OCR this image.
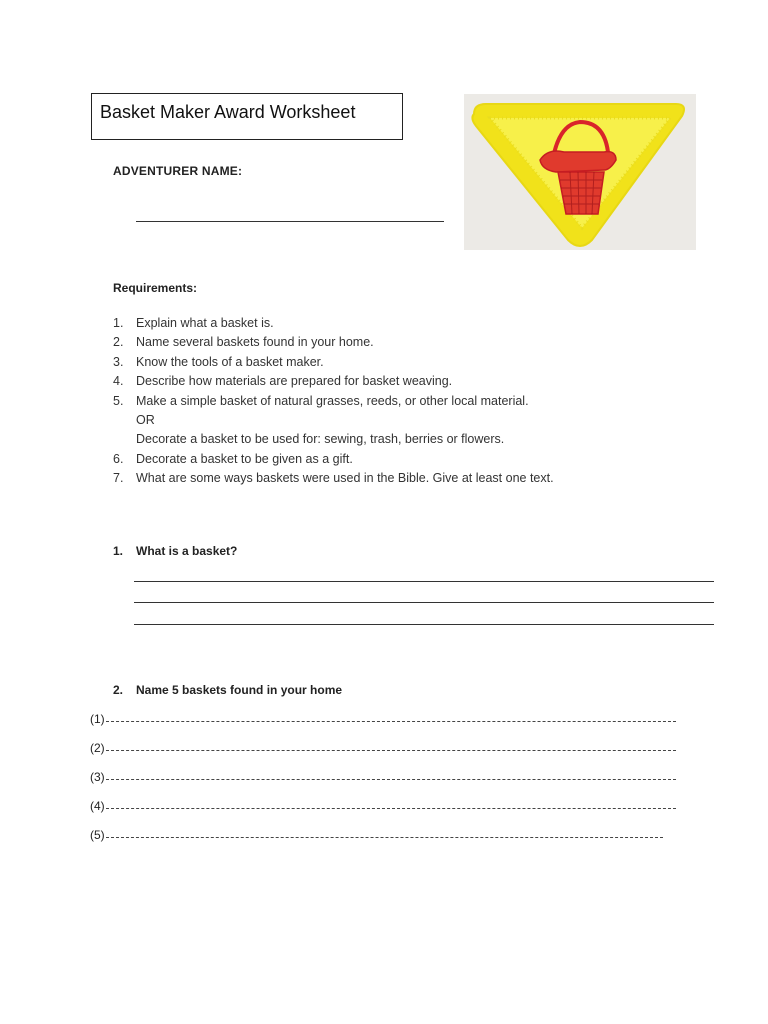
Basket Maker Award Worksheet
ADVENTURER NAME:
Requirements:
1.	Explain what a basket is.
2.	Name several baskets found in your home.
3.	Know the tools of a basket maker.
4.	Describe how materials are prepared for basket weaving.
5.	Make a simple basket of natural grasses, reeds, or other local material.
OR
Decorate a basket to be used for: sewing, trash, berries or flowers.
6.	Decorate a basket to be given as a gift.
7.	What are some ways baskets were used in the Bible. Give at least one text.
1. What is a basket?
2. Name 5 baskets found in your home
(1)
(2)
(3)
(4)
(5)
